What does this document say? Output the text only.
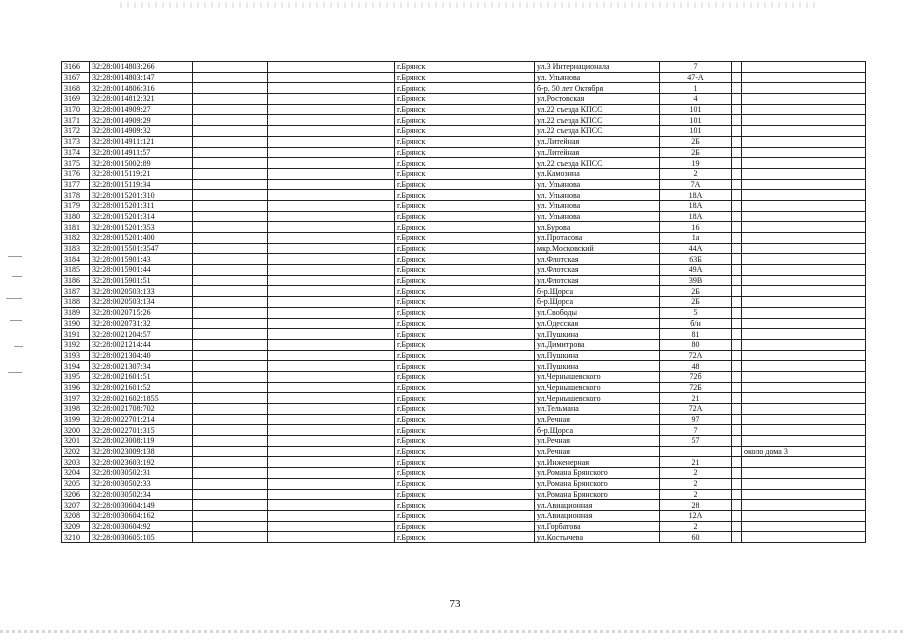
3166	32:28:0014803:266			г.Брянск	ул.3 Интернационала	7		
3167	32:28:0014803:147			г.Брянск	ул. Ульянова	47-А		
3168	32:28:0014806:316			г.Брянск	б-р. 50 лет Октября	1		
3169	32:28:0014812:321			г.Брянск	ул.Ростовская	4		
3170	32:28:0014909:27			г.Брянск	ул.22 съезда КПСС	101		
3171	32:28:0014909:29			г.Брянск	ул.22 съезда КПСС	101		
3172	32:28:0014909:32			г.Брянск	ул.22 съезда КПСС	101		
3173	32:28:0014911:121			г.Брянск	ул.Литейная	2Б		
3174	32:28:0014911:57			г.Брянск	ул.Литейная	2Б		
3175	32:28:0015002:89			г.Брянск	ул.22 съезда КПСС	19		
3176	32:28:0015119:21			г.Брянск	ул.Камозина	2		
3177	32:28:0015119:34			г.Брянск	ул. Ульянова	7А		
3178	32:28:0015201:310			г.Брянск	ул. Ульянова	18А		
3179	32:28:0015201:311			г.Брянск	ул. Ульянова	18А		
3180	32:28:0015201:314			г.Брянск	ул. Ульянова	18А		
3181	32:28:0015201:353			г.Брянск	ул.Бурова	16		
3182	32:28:0015201:400			г.Брянск	ул.Протасова	1а		
3183	32:28:0015501:3547			г.Брянск	мкр.Московский	44А		
3184	32:28:0015901:43			г.Брянск	ул.Флотская	63Б		
3185	32:28:0015901:44			г.Брянск	ул.Флотская	49А		
3186	32:28:0015901:51			г.Брянск	ул.Флотская	39В		
3187	32:28:0020503:133			г.Брянск	б-р.Щорса	2Б		
3188	32:28:0020503:134			г.Брянск	б-р.Щорса	2Б		
3189	32:28:0020715:26			г.Брянск	ул.Свободы	5		
3190	32:28:0020731:32			г.Брянск	ул.Одесская	б/н		
3191	32:28:0021204:57			г.Брянск	ул.Пушкина	81		
3192	32:28:0021214:44			г.Брянск	ул.Димитрова	80		
3193	32:28:0021304:40			г.Брянск	ул.Пушкина	72А		
3194	32:28:0021307:34			г.Брянск	ул.Пушкина	48		
3195	32:28:0021601:51			г.Брянск	ул.Чернышевского	72б		
3196	32:28:0021601:52			г.Брянск	ул.Чернышевского	72Б		
3197	32:28:0021602:1855			г.Брянск	ул.Чернышевского	21		
3198	32:28:0021708:702			г.Брянск	ул.Тельмана	72А		
3199	32:28:0022701:214			г.Брянск	ул.Речная	97		
3200	32:28:0022701:315			г.Брянск	б-р.Щорса	7		
3201	32:28:0023008:119			г.Брянск	ул.Речная	57		
3202	32:28:0023009:138			г.Брянск	ул.Речная			около дома 3
3203	32:28:0023603:192			г.Брянск	ул.Инженерная	21		
3204	32:28:0030502:31			г.Брянск	ул.Романа Брянского	2		
3205	32:28:0030502:33			г.Брянск	ул.Романа Брянского	2		
3206	32:28:0030502:34			г.Брянск	ул.Романа Брянского	2		
3207	32:28:0030604:149			г.Брянск	ул.Авиационная	28		
3208	32:28:0030604:162			г.Брянск	ул.Авиационная	12А		
3209	32:28:0030604:92			г.Брянск	ул.Горбатова	2		
3210	32:28:0030605:105			г.Брянск	ул.Костычева	60		
73
